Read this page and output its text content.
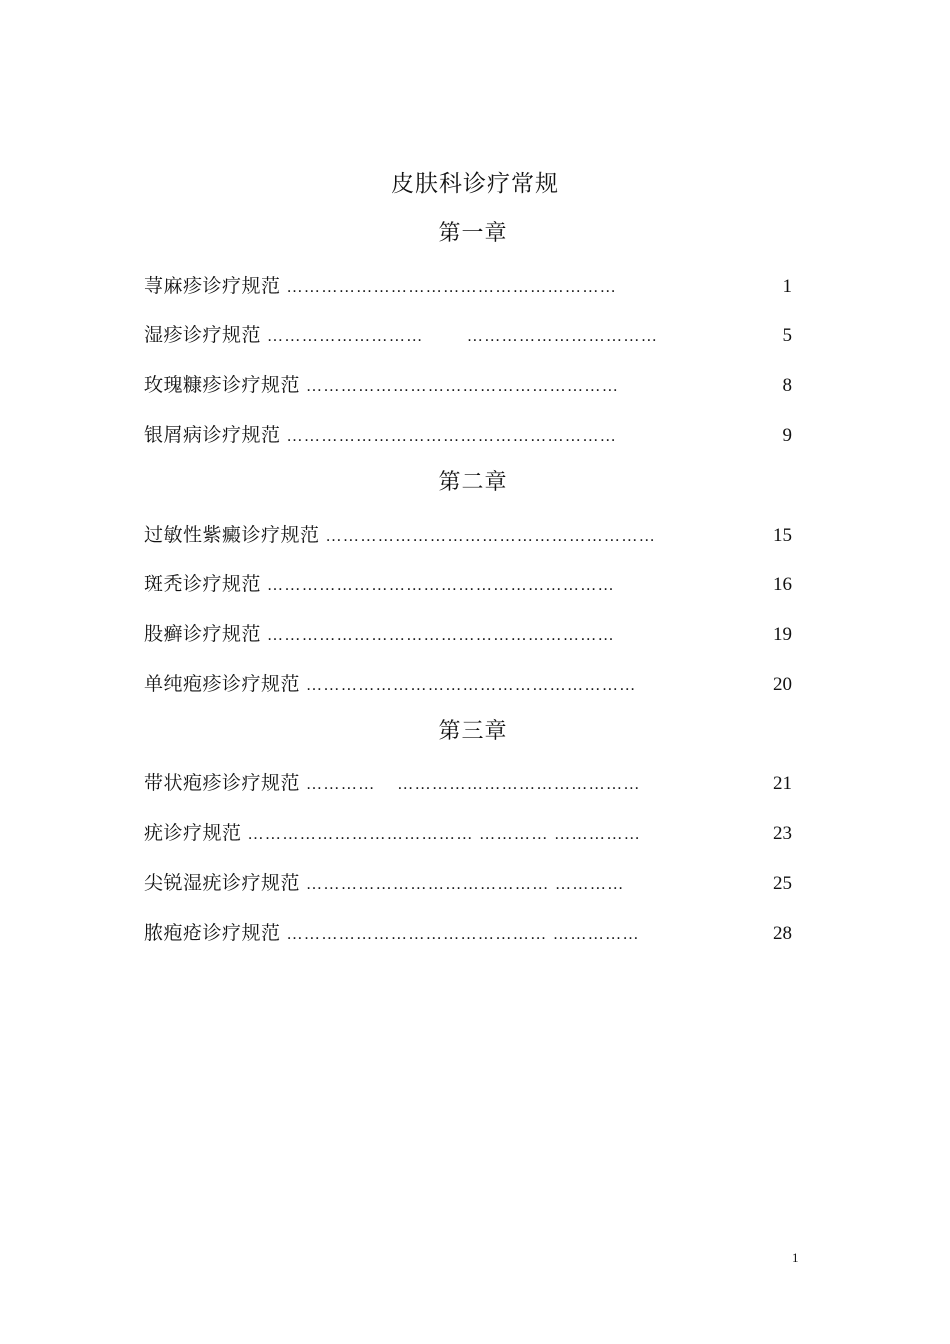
皮肤科诊疗常规
第一章
荨麻疹诊疗规范 …………………………………………………	1
湿疹诊疗规范 ………………………        ……………………………	5
玫瑰糠疹诊疗规范 ………………………………………………	8
银屑病诊疗规范 …………………………………………………	9
第二章
过敏性紫癜诊疗规范 …………………………………………………	15
斑秃诊疗规范 ……………………………………………………	16
股癣诊疗规范 ……………………………………………………	19
单纯疱疹诊疗规范 …………………………………………………	20
第三章
带状疱疹诊疗规范 …………    ……………………………………	21
疣诊疗规范 ………………………………… ………… ……………	23
尖锐湿疣诊疗规范 …………………………………… …………	25
脓疱疮诊疗规范 ……………………………………… ……………	28
1
